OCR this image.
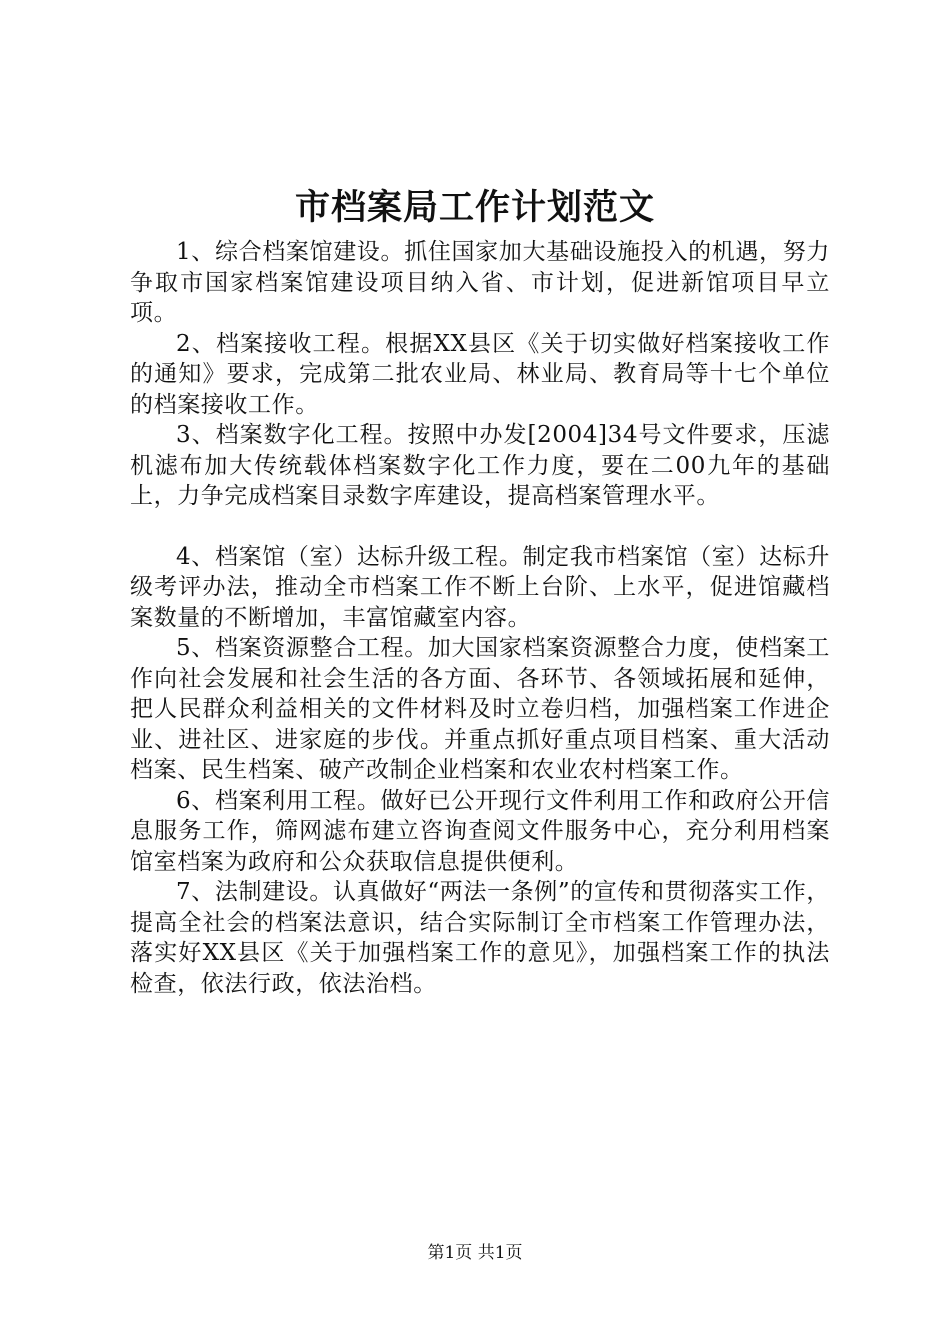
市档案局工作计划范文

1、综合档案馆建设。抓住国家加大基础设施投入的机遇，努力争取市国家档案馆建设项目纳入省、市计划，促进新馆项目早立项。

2、档案接收工程。根据XX县区《关于切实做好档案接收工作的通知》要求，完成第二批农业局、林业局、教育局等十七个单位的档案接收工作。

3、档案数字化工程。按照中办发[2004]34号文件要求，压滤机滤布加大传统载体档案数字化工作力度，要在二00九年的基础上，力争完成档案目录数字库建设，提高档案管理水平。

4、档案馆（室）达标升级工程。制定我市档案馆（室）达标升级考评办法，推动全市档案工作不断上台阶、上水平，促进馆藏档案数量的不断增加，丰富馆藏室内容。

5、档案资源整合工程。加大国家档案资源整合力度，使档案工作向社会发展和社会生活的各方面、各环节、各领域拓展和延伸，把人民群众利益相关的文件材料及时立卷归档，加强档案工作进企业、进社区、进家庭的步伐。并重点抓好重点项目档案、重大活动档案、民生档案、破产改制企业档案和农业农村档案工作。

6、档案利用工程。做好已公开现行文件利用工作和政府公开信息服务工作，筛网滤布建立咨询查阅文件服务中心，充分利用档案馆室档案为政府和公众获取信息提供便利。

7、法制建设。认真做好“两法一条例”的宣传和贯彻落实工作，提高全社会的档案法意识，结合实际制订全市档案工作管理办法，落实好XX县区《关于加强档案工作的意见》，加强档案工作的执法检查，依法行政，依法治档。

第1页 共1页
